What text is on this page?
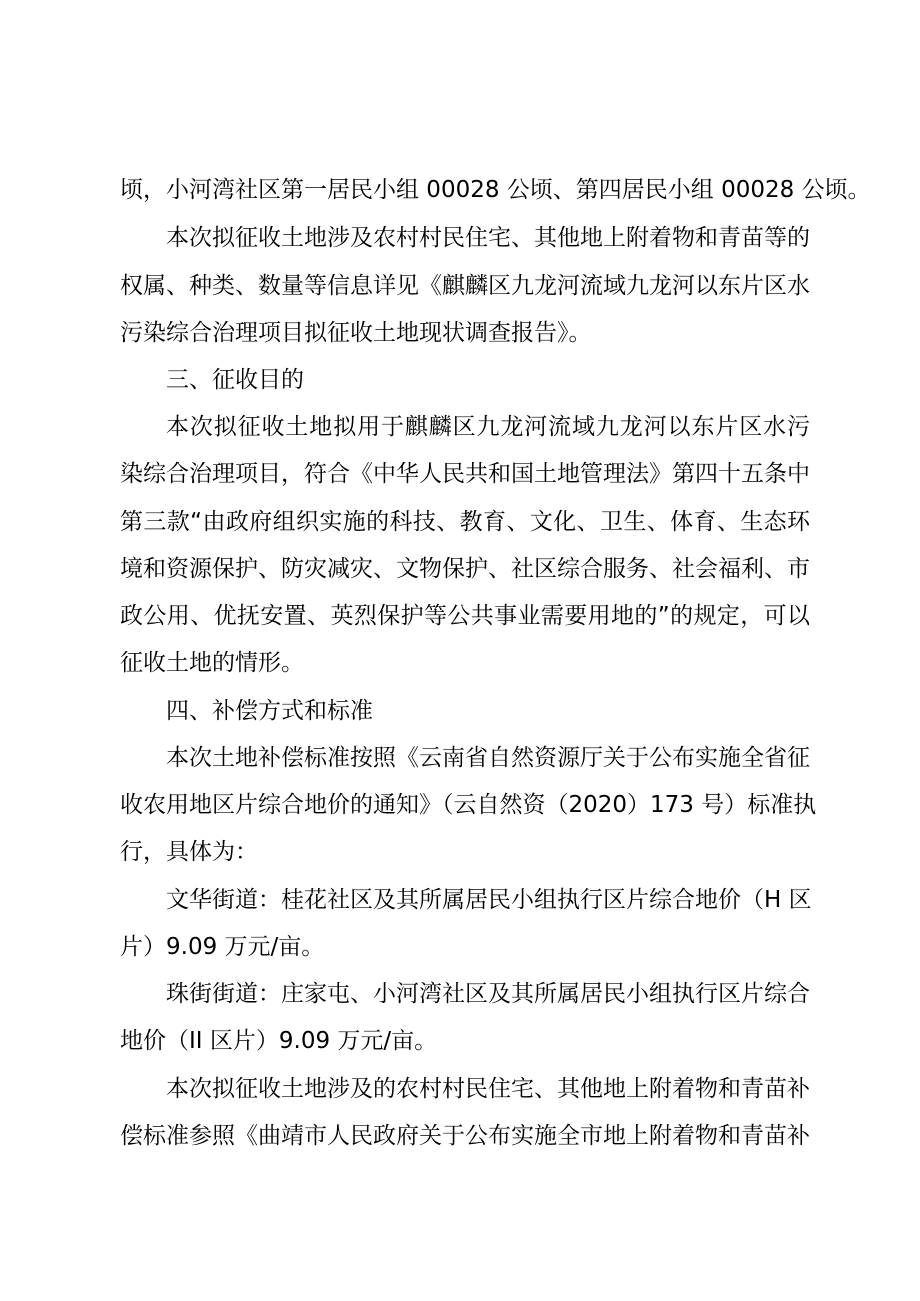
顷，小河湾社区第一居民小组 00028 公顷、第四居民小组 00028 公顷。
本次拟征收土地涉及农村村民住宅、其他地上附着物和青苗等的
权属、种类、数量等信息详见《麒麟区九龙河流域九龙河以东片区水
污染综合治理项目拟征收土地现状调查报告》。
三、征收目的
本次拟征收土地拟用于麒麟区九龙河流域九龙河以东片区水污
染综合治理项目，符合《中华人民共和国土地管理法》第四十五条中
第三款“由政府组织实施的科技、教育、文化、卫生、体育、生态环
境和资源保护、防灾减灾、文物保护、社区综合服务、社会福利、市
政公用、优抚安置、英烈保护等公共事业需要用地的”的规定，可以
征收土地的情形。
四、补偿方式和标准
本次土地补偿标准按照《云南省自然资源厅关于公布实施全省征
收农用地区片综合地价的通知》（云自然资（2020）173 号）标准执
行，具体为：
文华街道：桂花社区及其所属居民小组执行区片综合地价（H 区
片）9.09 万元/亩。
珠街街道：庄家屯、小河湾社区及其所属居民小组执行区片综合
地价（II 区片）9.09 万元/亩。
本次拟征收土地涉及的农村村民住宅、其他地上附着物和青苗补
偿标准参照《曲靖市人民政府关于公布实施全市地上附着物和青苗补
